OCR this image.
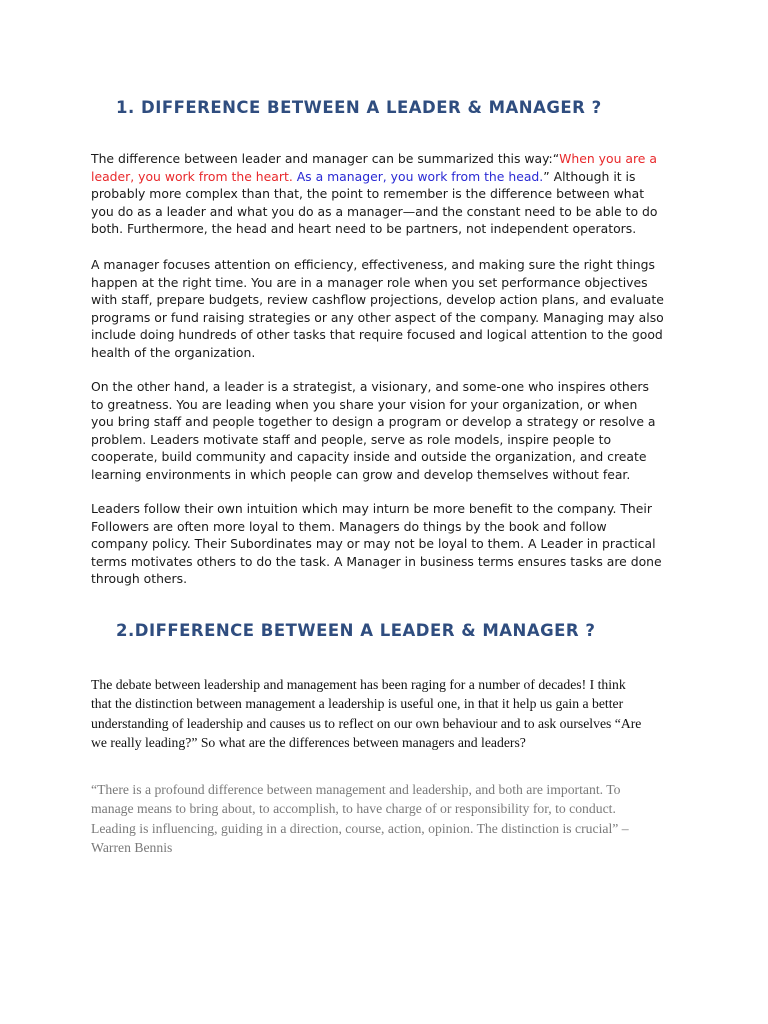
1. DIFFERENCE BETWEEN A LEADER & MANAGER ?
The difference between leader and manager can be summarized this way:“When you are a
leader, you work from the heart. As a manager, you work from the head.” Although it is
probably more complex than that, the point to remember is the difference between what
you do as a leader and what you do as a manager—and the constant need to be able to do
both. Furthermore, the head and heart need to be partners, not independent operators.
A manager focuses attention on efficiency, effectiveness, and making sure the right things
happen at the right time. You are in a manager role when you set performance objectives
with staff, prepare budgets, review cashflow projections, develop action plans, and evaluate
programs or fund raising strategies or any other aspect of the company. Managing may also
include doing hundreds of other tasks that require focused and logical attention to the good
health of the organization.
On the other hand, a leader is a strategist, a visionary, and some-one who inspires others
to greatness. You are leading when you share your vision for your organization, or when
you bring staff and people together to design a program or develop a strategy or resolve a
problem. Leaders motivate staff and people, serve as role models, inspire people to
cooperate, build community and capacity inside and outside the organization, and create
learning environments in which people can grow and develop themselves without fear.
Leaders follow their own intuition which may inturn be more benefit to the company. Their
Followers are often more loyal to them. Managers do things by the book and follow
company policy. Their Subordinates may or may not be loyal to them. A Leader in practical
terms motivates others to do the task. A Manager in business terms ensures tasks are done
through others.
2.DIFFERENCE BETWEEN A LEADER & MANAGER ?
The debate between leadership and management has been raging for a number of decades! I think
that the distinction between management a leadership is useful one, in that it help us gain a better
understanding of leadership and causes us to reflect on our own behaviour and to ask ourselves “Are
we really leading?” So what are the differences between managers and leaders?
“There is a profound difference between management and leadership, and both are important. To
manage means to bring about, to accomplish, to have charge of or responsibility for, to conduct.
Leading is influencing, guiding in a direction, course, action, opinion. The distinction is crucial” –
Warren Bennis
